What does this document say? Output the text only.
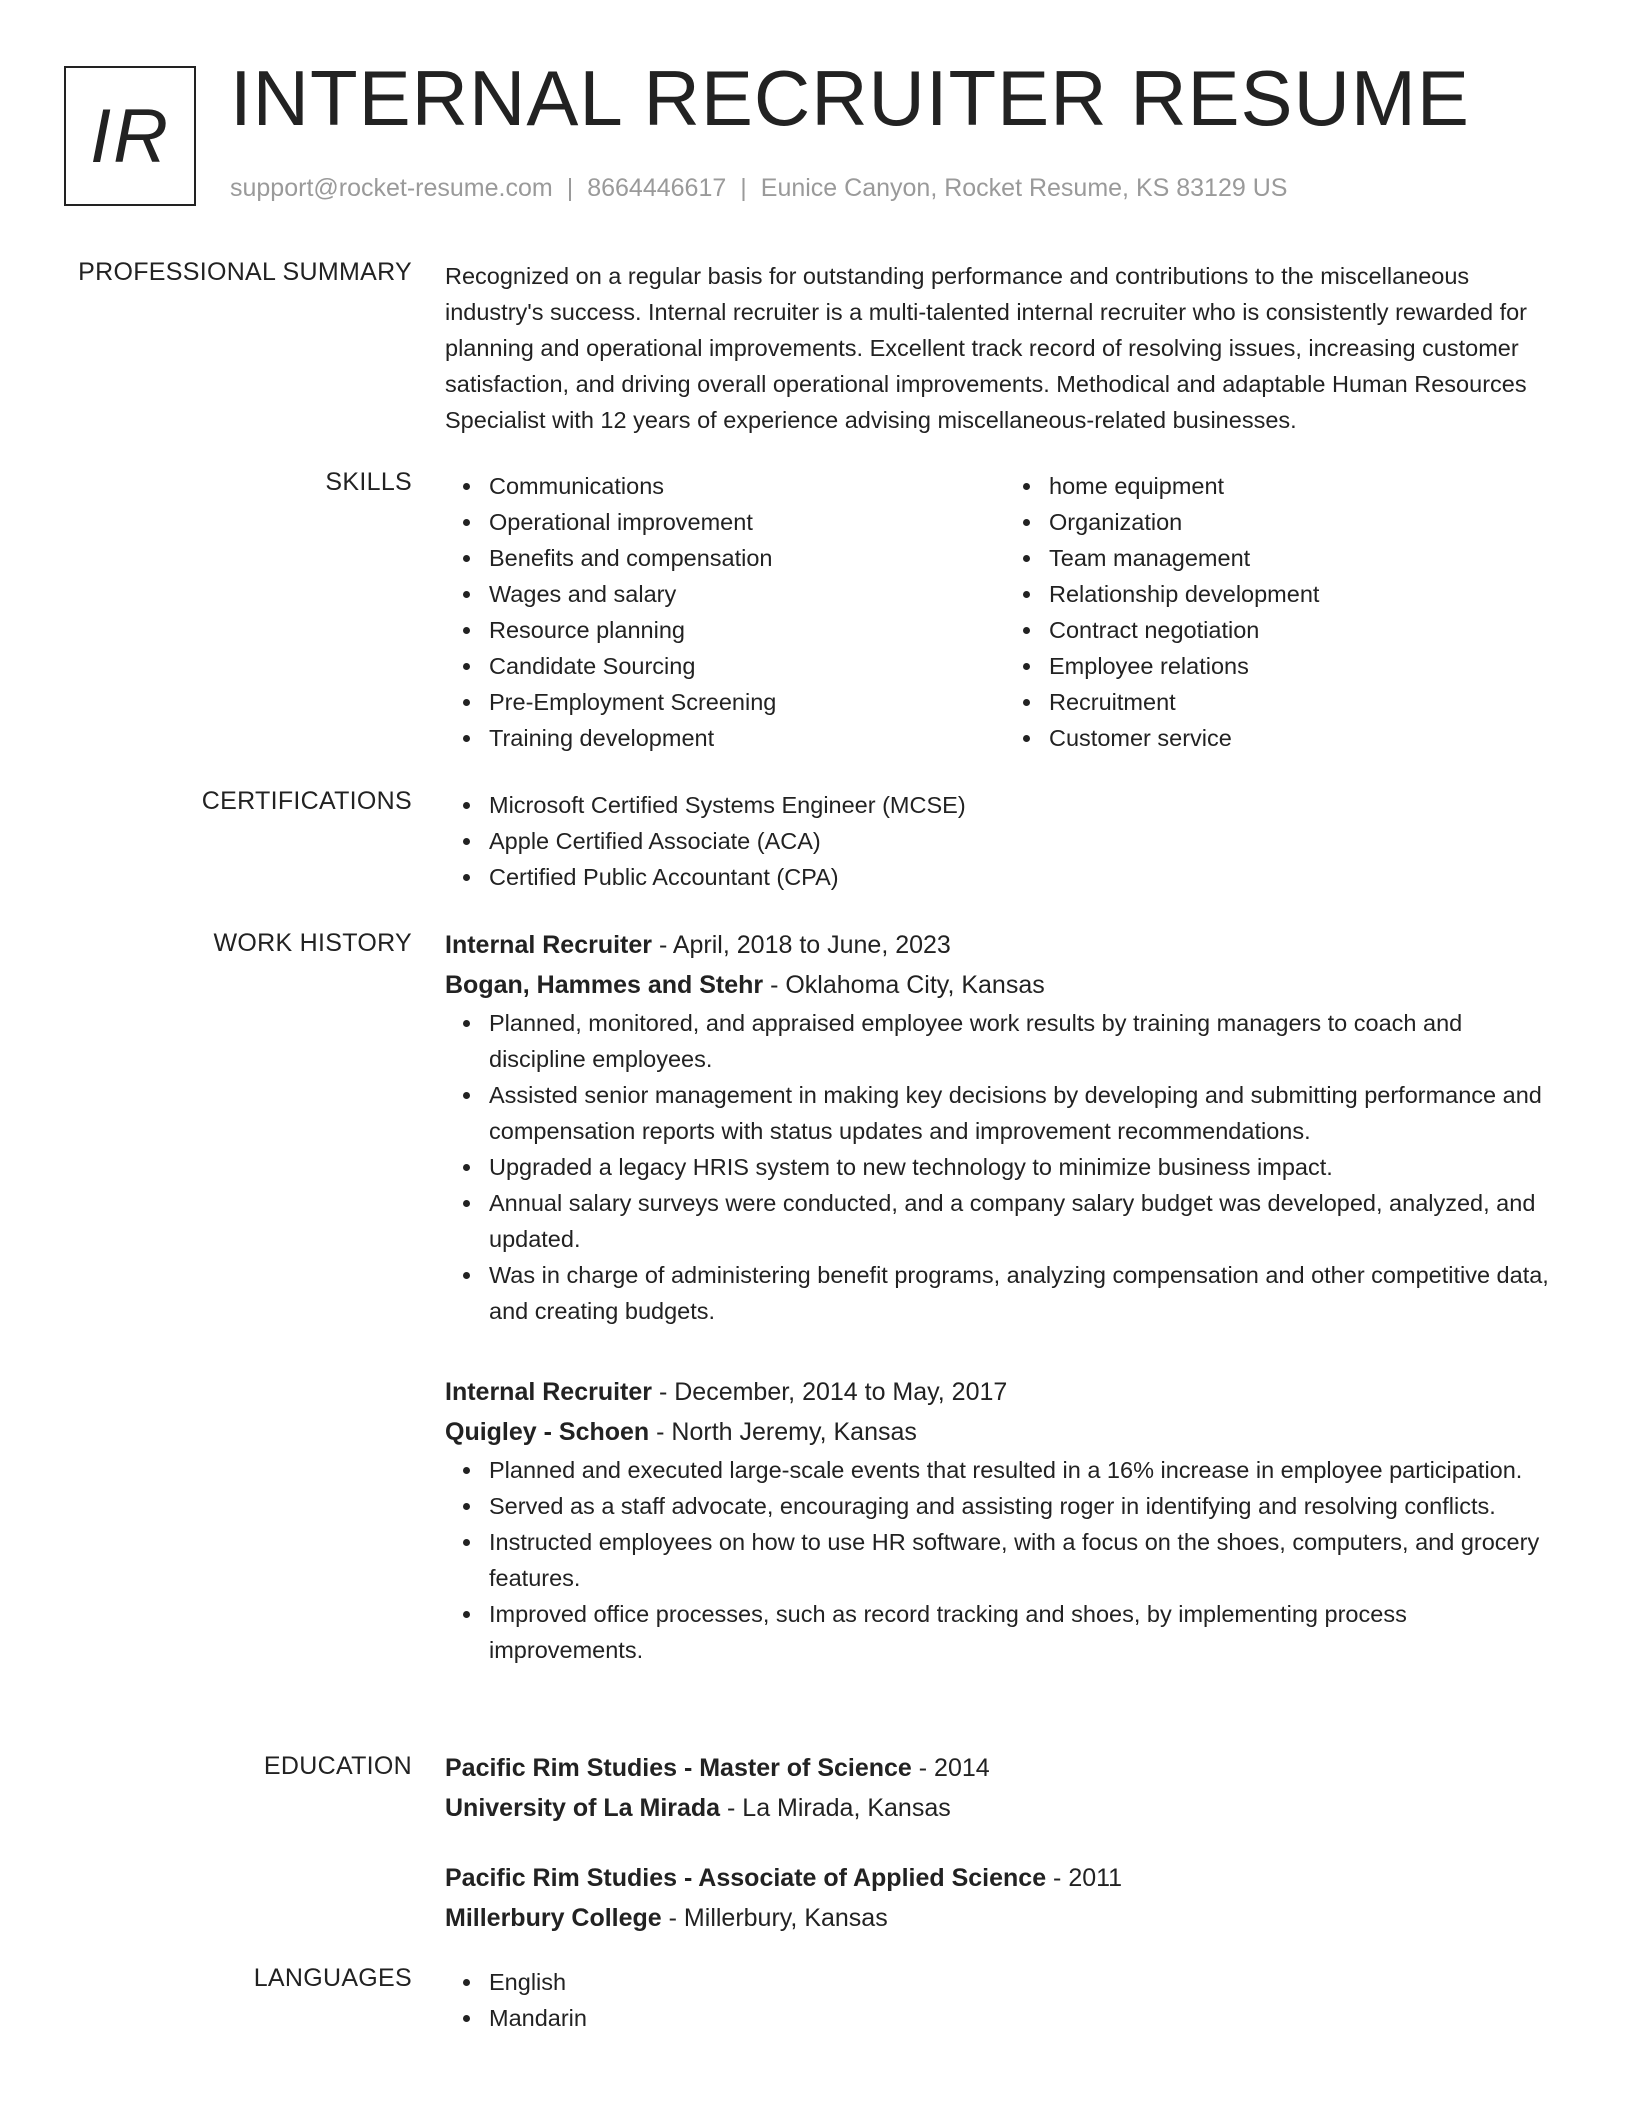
IR INTERNAL RECRUITER RESUME
support@rocket-resume.com | 8664446617 | Eunice Canyon, Rocket Resume, KS 83129 US
PROFESSIONAL SUMMARY Recognized on a regular basis for outstanding performance and contributions to the miscellaneous industry's success. Internal recruiter is a multi-talented internal recruiter who is consistently rewarded for planning and operational improvements. Excellent track record of resolving issues, increasing customer satisfaction, and driving overall operational improvements. Methodical and adaptable Human Resources Specialist with 12 years of experience advising miscellaneous-related businesses.

SKILLS	Communications
Operational improvement
Benefits and compensation
Wages and salary
Resource planning
Candidate Sourcing
Pre-Employment Screening
Training development
home equipment
Organization
Team management
Relationship development
Contract negotiation
Employee relations
Recruitment
Customer service
CERTIFICATIONS	Microsoft Certified Systems Engineer (MCSE)
Apple Certified Associate (ACA)
Certified Public Accountant (CPA)
WORK HISTORY Internal Recruiter - April, 2018 to June, 2023
Bogan, Hammes and Stehr - Oklahoma City, Kansas
Planned, monitored, and appraised employee work results by training managers to coach and discipline employees.
Assisted senior management in making key decisions by developing and submitting performance and compensation reports with status updates and improvement recommendations.
Upgraded a legacy HRIS system to new technology to minimize business impact.
Annual salary surveys were conducted, and a company salary budget was developed, analyzed, and updated.
Was in charge of administering benefit programs, analyzing compensation and other competitive data, and creating budgets.
Internal Recruiter - December, 2014 to May, 2017
Quigley - Schoen - North Jeremy, Kansas
Planned and executed large-scale events that resulted in a 16% increase in employee participation.
Served as a staff advocate, encouraging and assisting roger in identifying and resolving conflicts.
Instructed employees on how to use HR software, with a focus on the shoes, computers, and grocery features.
Improved office processes, such as record tracking and shoes, by implementing process improvements.
EDUCATION Pacific Rim Studies - Master of Science - 2014
University of La Mirada - La Mirada, Kansas
Pacific Rim Studies - Associate of Applied Science - 2011
Millerbury College - Millerbury, Kansas
LANGUAGES	English
Mandarin
